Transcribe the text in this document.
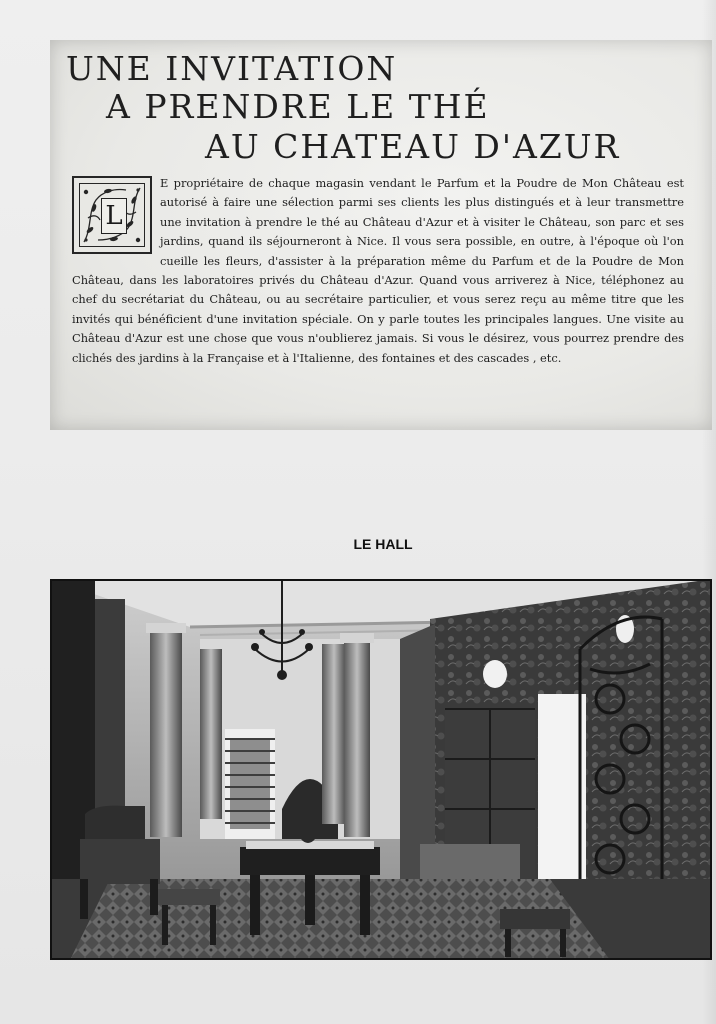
UNE INVITATION
A PRENDRE LE THÉ
AU CHATEAU D'AZUR
L

E propriétaire de chaque magasin vendant le Parfum et la Poudre de Mon Château est autorisé à faire une sélection parmi ses clients les plus distingués et à leur transmettre une invitation à prendre le thé au Château d'Azur et à visiter le Château, son parc et ses jardins, quand ils séjourneront à Nice. Il vous sera possible, en outre, à l'époque où l'on cueille les fleurs, d'assister à la préparation même du Parfum et de la Poudre de Mon Château, dans les laboratoires privés du Château d'Azur. Quand vous arriverez à Nice, téléphonez au chef du secrétariat du Château, ou au secrétaire particulier, et vous serez reçu au même titre que les invités qui bénéficient d'une invitation spéciale. On y parle toutes les principales langues. Une visite au Château d'Azur est une chose que vous n'oublierez jamais. Si vous le désirez, vous pourrez prendre des clichés des jardins à la Française et à l'Italienne, des fontaines et des cascades , etc.

LE HALL
